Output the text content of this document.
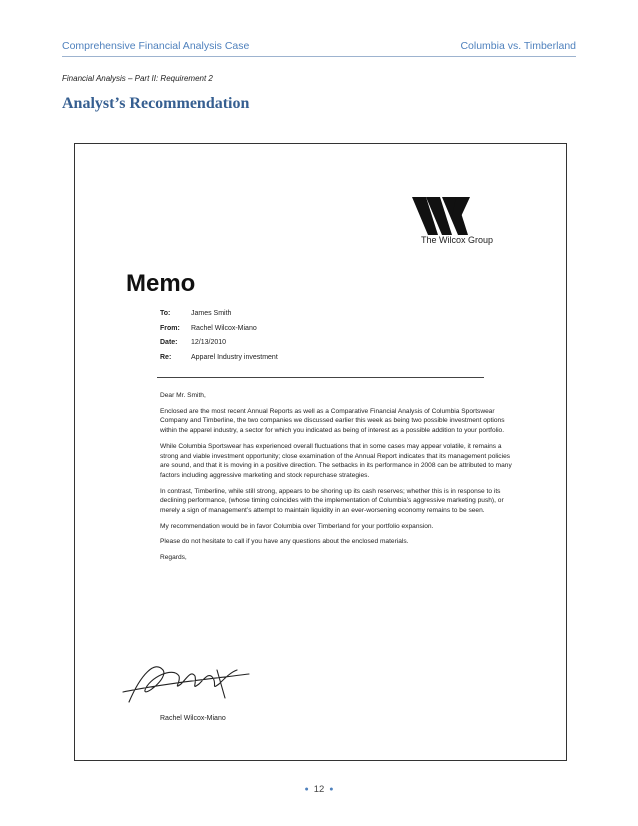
Comprehensive Financial Analysis Case	Columbia vs. Timberland
Financial Analysis – Part II: Requirement 2
Analyst’s Recommendation
The Wilcox Group
Memo
To:	James Smith
From: Rachel Wilcox-Miano
Date: 12/13/2010
Re:	Apparel Industry investment

Dear Mr. Smith,

Enclosed are the most recent Annual Reports as well as a Comparative Financial Analysis of Columbia Sportswear Company and Timberline, the two companies we discussed earlier this week as being two possible investment options within the apparel industry, a sector for which you indicated as being of interest as a possible addition to your portfolio.

While Columbia Sportswear has experienced overall fluctuations that in some cases may appear volatile, it remains a strong and viable investment opportunity; close examination of the Annual Report indicates that its management policies are sound, and that it is moving in a positive direction. The setbacks in its performance in 2008 can be attributed to many factors including aggressive marketing and stock repurchase strategies.

In contrast, Timberline, while still strong, appears to be shoring up its cash reserves; whether this is in response to its declining performance, (whose timing coincides with the implementation of Columbia’s aggressive marketing push), or merely a sign of management’s attempt to maintain liquidity in an ever-worsening economy remains to be seen.

My recommendation would be in favor Columbia over Timberland for your portfolio expansion.

Please do not hesitate to call if you have any questions about the enclosed materials.

Regards,

Rachel Wilcox-Miano
● 12 ●
